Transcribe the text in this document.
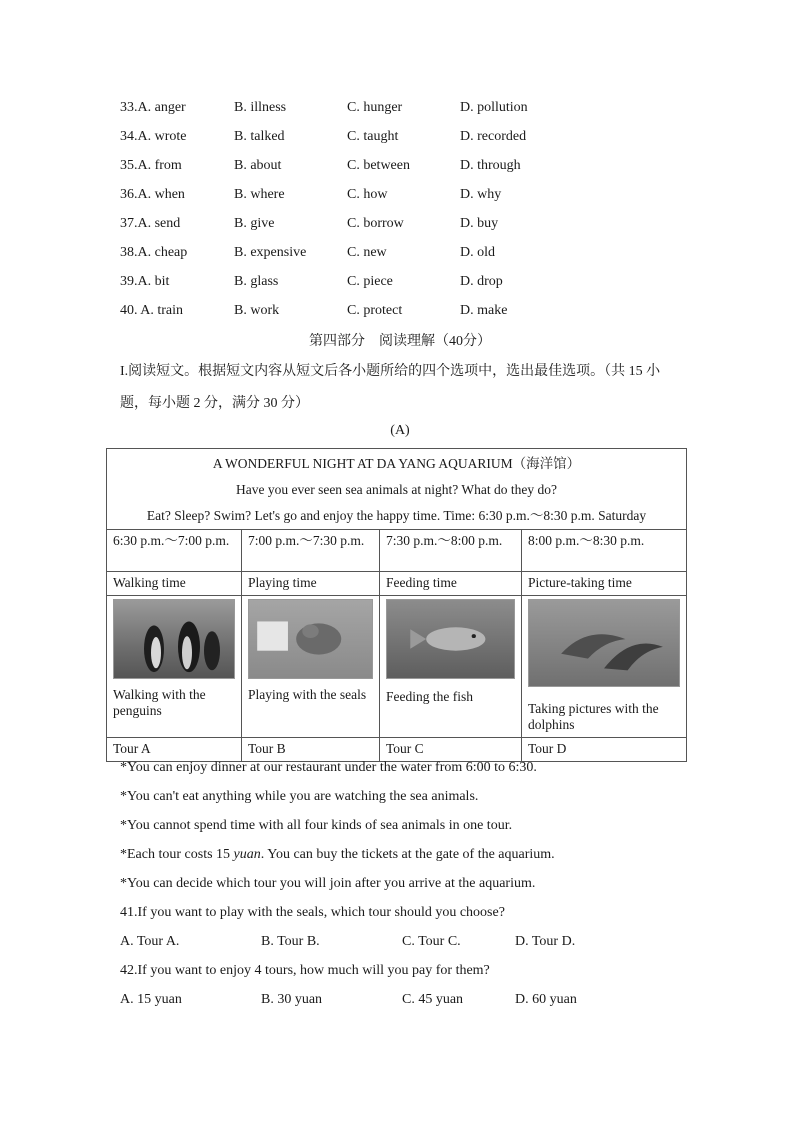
33.A. anger	B. illness	C. hunger	D. pollution
34.A. wrote	B. talked	C. taught	D. recorded
35.A. from	B. about	C. between	D. through
36.A. when	B. where	C. how	D. why
37.A. send	B. give	C. borrow	D. buy
38.A. cheap	B. expensive	C. new	D. old
39.A. bit	B. glass	C. piece	D. drop
40. A. train	B. work	C. protect	D. make
第四部分　阅读理解（40分）
I.阅读短文。根据短文内容从短文后各小题所给的四个选项中，选出最佳选项。（共 15 小
题，每小题 2 分，满分 30 分）
(A)
A WONDERFUL NIGHT AT DA YANG AQUARIUM（海洋馆）
Have you ever seen sea animals at night? What do they do?
Eat? Sleep? Swim? Let's go and enjoy the happy time. Time: 6:30 p.m.～8:30 p.m. Saturday			

6:30 p.m.～7:00 p.m.	7:00 p.m.～7:30 p.m.	7:30 p.m.～8:00 p.m.	8:00 p.m.～8:30 p.m.
Walking time	Playing time	Feeding time	Picture-taking time

Walking with the penguins	Playing with the seals	Feeding the fish	Taking pictures with the dolphins

Tour A	Tour B	Tour C	Tour D
*You can enjoy dinner at our restaurant under the water from 6:00 to 6:30.
*You can't eat anything while you are watching the sea animals.
*You cannot spend time with all four kinds of sea animals in one tour.
*Each tour costs 15 yuan. You can buy the tickets at the gate of the aquarium.
*You can decide which tour you will join after you arrive at the aquarium.
41.If you want to play with the seals, which tour should you choose?
A. Tour A.	B. Tour B.	C. Tour C.	D. Tour D.
42.If you want to enjoy 4 tours, how much will you pay for them?
A. 15 yuan	B. 30 yuan	C. 45 yuan	D. 60 yuan
